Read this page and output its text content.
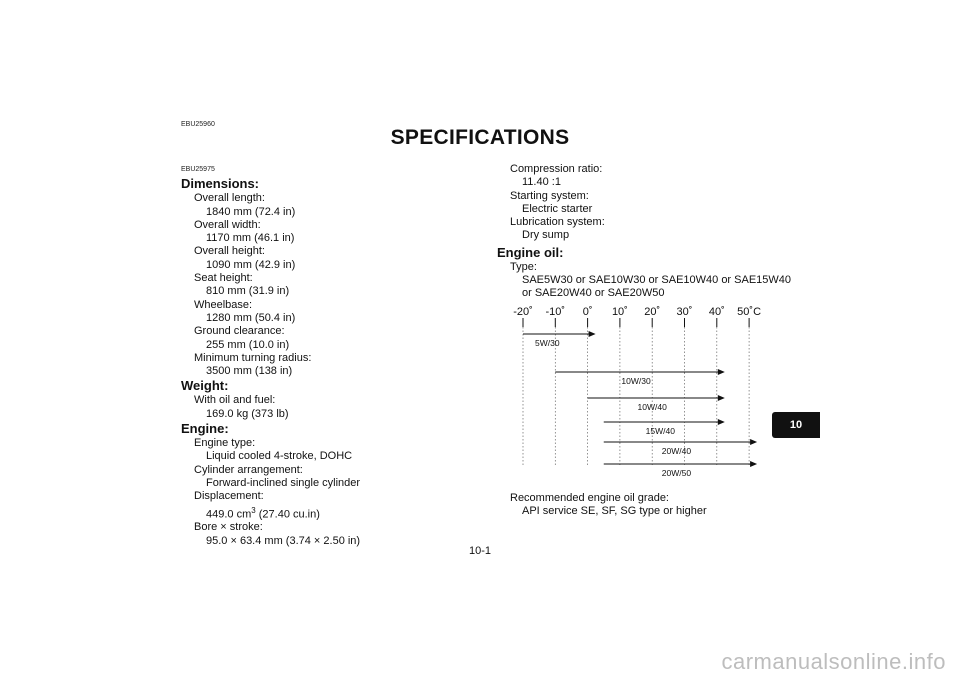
EBU25960
SPECIFICATIONS
EBU25975
Dimensions:
Overall length:
1840 mm (72.4 in)
Overall width:
1170 mm (46.1 in)
Overall height:
1090 mm (42.9 in)
Seat height:
810 mm (31.9 in)
Wheelbase:
1280 mm (50.4 in)
Ground clearance:
255 mm (10.0 in)
Minimum turning radius:
3500 mm (138 in)
Weight:
With oil and fuel:
169.0 kg (373 lb)
Engine:
Engine type:
Liquid cooled 4-stroke, DOHC
Cylinder arrangement:
Forward-inclined single cylinder
Displacement:
449.0 $cm^3$ (27.40 cu.in)
Bore × stroke:
95.0 × 63.4 mm (3.74 × 2.50 in)
Compression ratio:
11.40 :1
Starting system:
Electric starter
Lubrication system:
Dry sump
Engine oil:
Type:
SAE5W30 or SAE10W30 or SAE10W40 or SAE15W40
or SAE20W40 or SAE20W50
-20˚ -10˚ 0˚ 10˚ 20˚ 30˚ 40˚ 50˚C
5W/30
10W/30
10W/40
15W/40
20W/40
20W/50
Recommended engine oil grade:
API service SE, SF, SG type or higher
10
10-1
carmanualsonline.info
